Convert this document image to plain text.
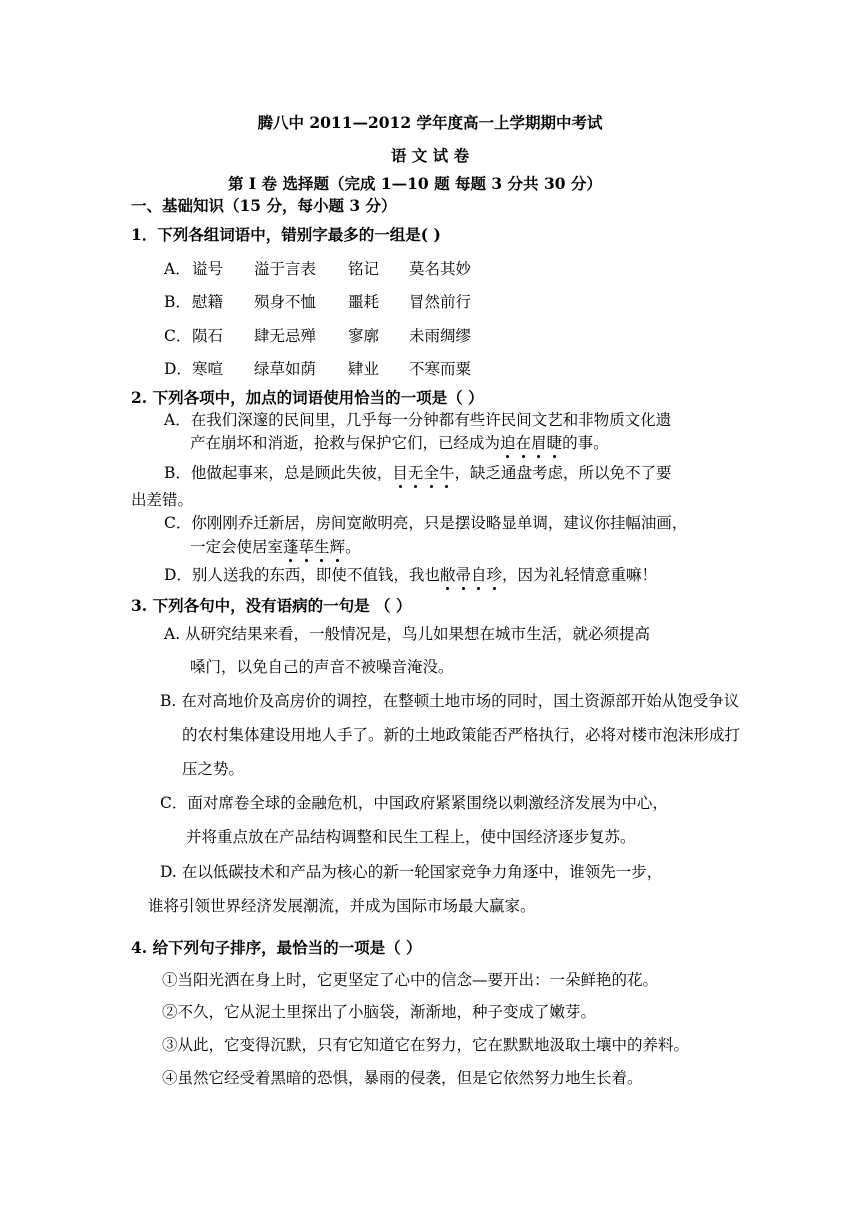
腾八中 2011—2012 学年度高一上学期期中考试
语 文 试 卷
第 I 卷 选择题（完成 1—10 题 每题 3 分共 30 分）
一、基础知识（15 分，每小题 3 分）
1．下列各组词语中，错别字最多的一组是( )
A．谥号 溢于言表 铭记 莫名其妙
B．慰籍 殒身不恤 噩耗 冒然前行
C．陨石 肆无忌殚 寥廓 未雨绸缪
D．寒喧 绿草如荫 肄业 不寒而粟
2. 下列各项中，加点的词语使用恰当的一项是（ ）
A．在我们深邃的民间里，几乎每一分钟都有些许民间文艺和非物质文化遗
产在崩坏和消逝，抢救与保护它们，已经成为迫在眉睫的事。
B．他做起事来，总是顾此失彼，目无全牛，缺乏通盘考虑，所以免不了要
出差错。
C．你刚刚乔迁新居，房间宽敞明亮，只是摆设略显单调，建议你挂幅油画，
一定会使居室蓬荜生辉。
D．别人送我的东西，即使不值钱，我也敝帚自珍，因为礼轻情意重嘛！
3. 下列各句中，没有语病的一句是 （ ）
A. 从研究结果来看，一般情况是，鸟儿如果想在城市生活，就必须提高
嗓门，以免自己的声音不被噪音淹没。
B. 在对高地价及高房价的调控，在整顿土地市场的同时，国土资源部开始从饱受争议
的农村集体建设用地人手了。新的土地政策能否严格执行，必将对楼市泡沫形成打
压之势。
C．面对席卷全球的金融危机，中国政府紧紧围绕以刺激经济发展为中心，
并将重点放在产品结构调整和民生工程上，使中国经济逐步复苏。
D. 在以低碳技术和产品为核心的新一轮国家竞争力角逐中，谁领先一步，
谁将引领世界经济发展潮流，并成为国际市场最大赢家。
4. 给下列句子排序，最恰当的一项是（ ）
①当阳光洒在身上时，它更坚定了心中的信念—要开出：一朵鲜艳的花。
②不久，它从泥土里探出了小脑袋，渐渐地，种子变成了嫩芽。
③从此，它变得沉默，只有它知道它在努力，它在默默地汲取土壤中的养料。
④虽然它经受着黑暗的恐惧，暴雨的侵袭，但是它依然努力地生长着。
